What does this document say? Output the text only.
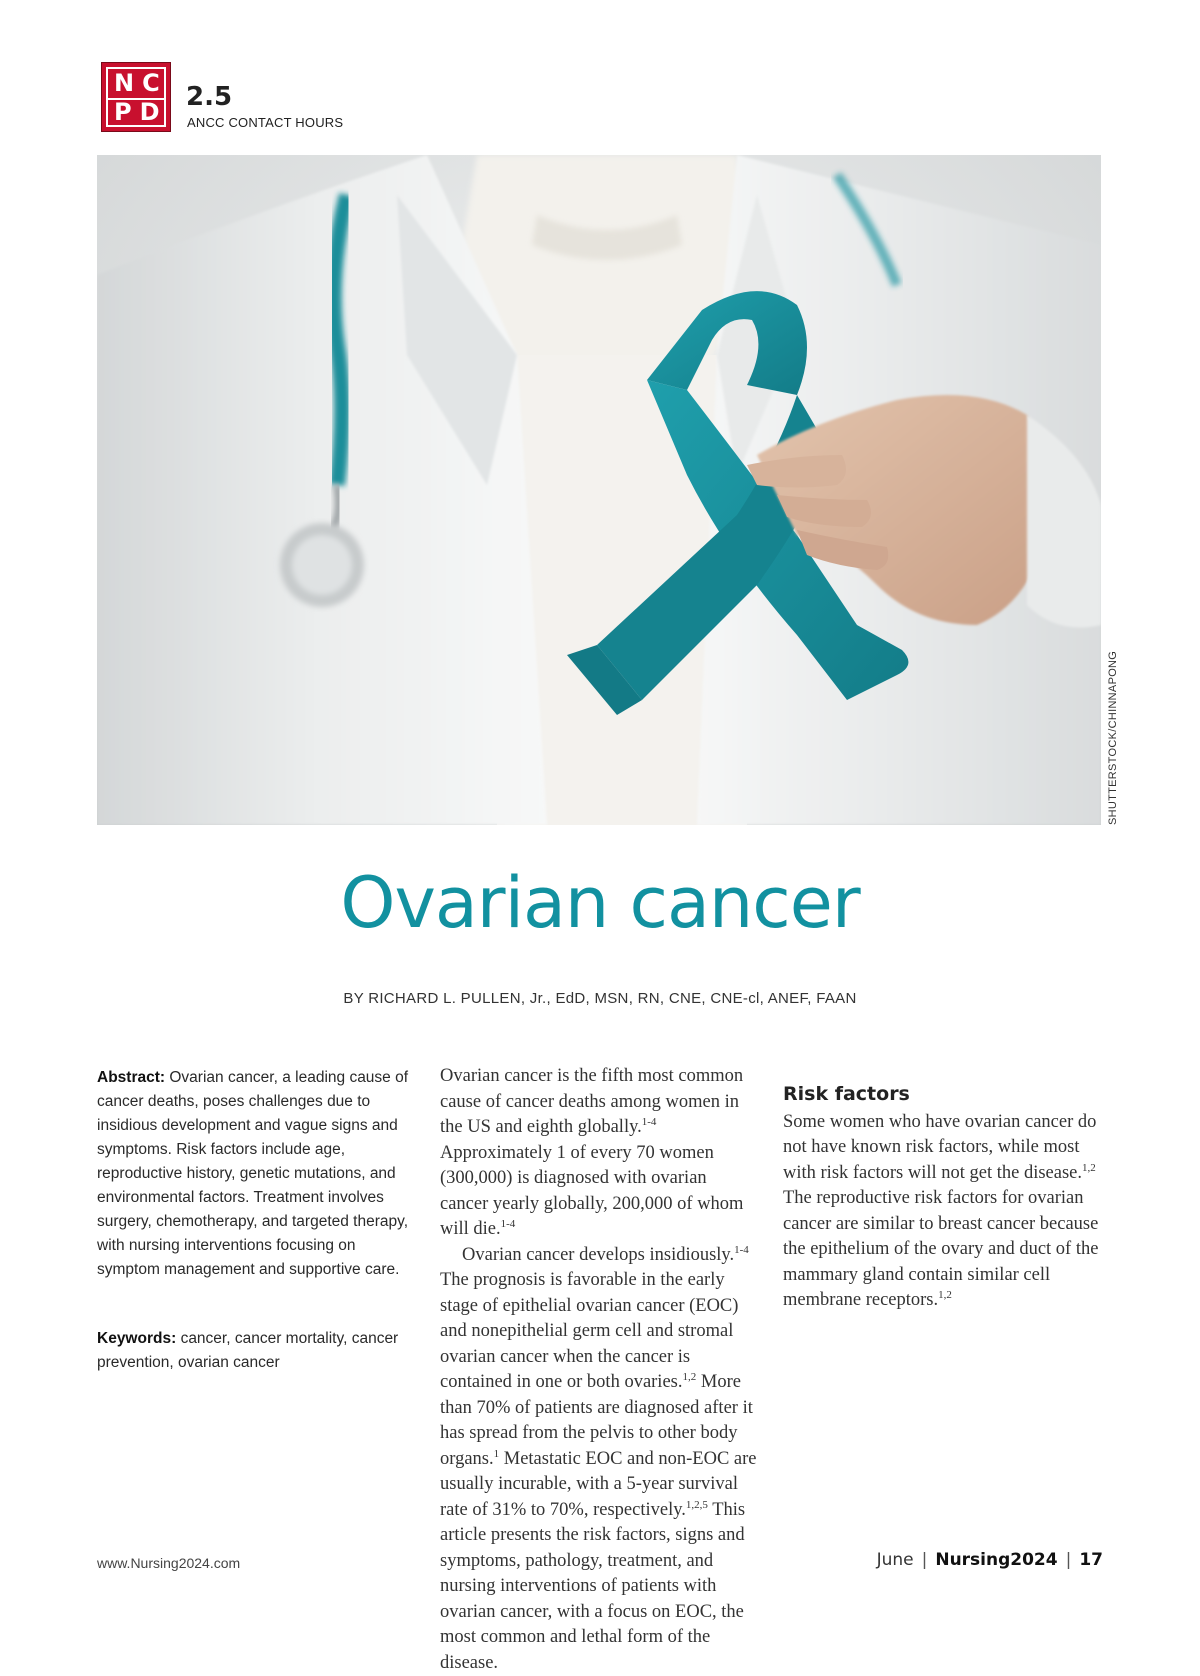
NC
PD 2.5
ANCC CONTACT HOURS
SHUTTERSTOCK/CHINNAPONG
Ovarian cancer
BY RICHARD L. PULLEN, Jr., EdD, MSN, RN, CNE, CNE-cl, ANEF, FAAN
Abstract: Ovarian cancer, a leading cause of cancer deaths, poses challenges due to insidious development and vague signs and symptoms. Risk factors include age, reproductive history, genetic mutations, and environmental factors. Treatment involves surgery, chemotherapy, and targeted therapy, with nursing interventions focusing on symptom management and supportive care.
Keywords: cancer, cancer mortality, cancer prevention, ovarian cancer

Ovarian cancer is the fifth most common cause of cancer deaths among women in the US and eighth globally.$^{1-4}$ Approximately 1 of every 70 women (300,000) is diagnosed with ovarian cancer yearly globally, 200,000 of whom will die.$^{1-4}$

Ovarian cancer develops insidiously.$^{1-4}$ The prognosis is favorable in the early stage of epithelial ovarian cancer (EOC) and nonepithelial germ cell and stromal ovarian cancer when the cancer is contained in one or both ovaries.$^{1,2}$ More than 70% of patients are diagnosed after it has spread from the pelvis to other body organs.$^1$ Metastatic EOC and non-EOC are usually incurable, with a 5-year survival rate of 31% to 70%, respectively.$^{1,2,5}$ This article presents the risk factors, signs and symptoms, pathology, treatment, and nursing interventions of patients with ovarian cancer, with a focus on EOC, the most common and lethal form of the disease.

Risk factors

Some women who have ovarian cancer do not have known risk factors, while most with risk factors will not get the disease.$^{1,2}$ The reproductive risk factors for ovarian cancer are similar to breast cancer because the epithelium of the ovary and duct of the mammary gland contain similar cell membrane receptors.$^{1,2}$

www.Nursing2024.com	June | Nursing2024 | 17
